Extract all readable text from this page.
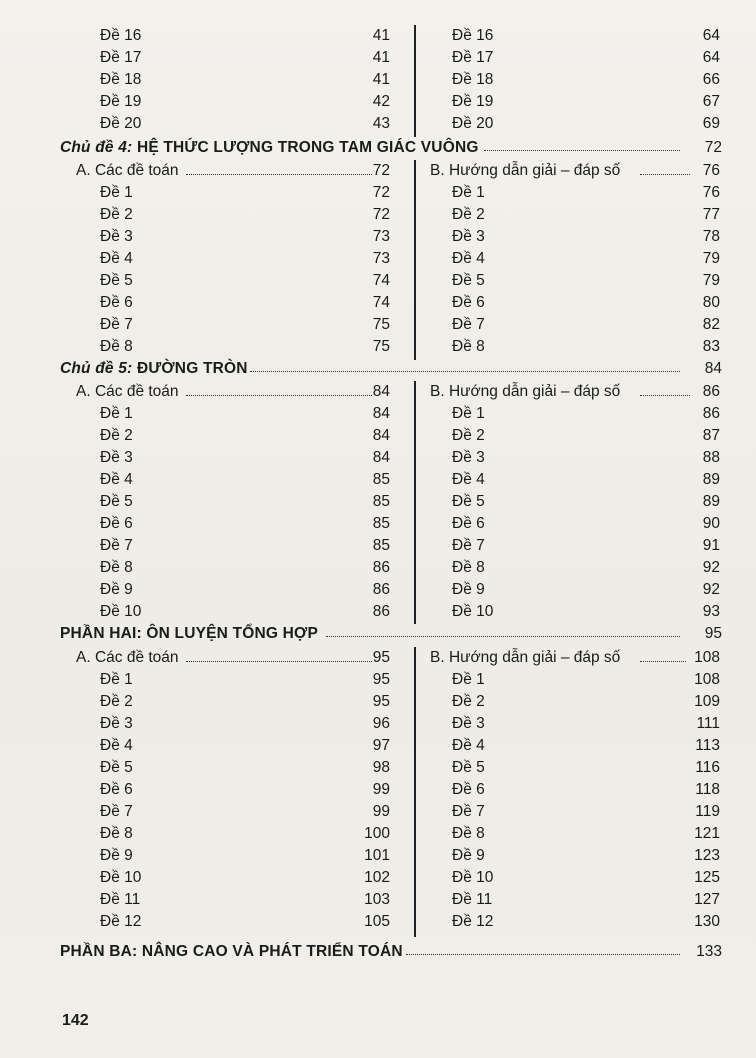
Đề 16	41
Đề 17	41
Đề 18	41
Đề 19	42
Đề 20	43
Đề 16	64
Đề 17	64
Đề 18	66
Đề 19	67
Đề 20	69
Chủ đề 4: HỆ THỨC LƯỢNG TRONG TAM GIÁC VUÔNG	72
A. Các đề toán	72
Đề 1	72
Đề 2	72
Đề 3	73
Đề 4	73
Đề 5	74
Đề 6	74
Đề 7	75
Đề 8	75
B. Hướng dẫn giải – đáp số	76
Đề 1	76
Đề 2	77
Đề 3	78
Đề 4	79
Đề 5	79
Đề 6	80
Đề 7	82
Đề 8	83
Chủ đề 5: ĐƯỜNG TRÒN	84
A. Các đề toán	84
Đề 1	84
Đề 2	84
Đề 3	84
Đề 4	85
Đề 5	85
Đề 6	85
Đề 7	85
Đề 8	86
Đề 9	86
Đề 10	86
B. Hướng dẫn giải – đáp số	86
Đề 1	86
Đề 2	87
Đề 3	88
Đề 4	89
Đề 5	89
Đề 6	90
Đề 7	91
Đề 8	92
Đề 9	92
Đề 10	93
PHẦN HAI: ÔN LUYỆN TỔNG HỢP	95
A. Các đề toán	95
Đề 1	95
Đề 2	95
Đề 3	96
Đề 4	97
Đề 5	98
Đề 6	99
Đề 7	99
Đề 8	100
Đề 9	101
Đề 10	102
Đề 11	103
Đề 12	105
B. Hướng dẫn giải – đáp số	108
Đề 1	108
Đề 2	109
Đề 3	111
Đề 4	113
Đề 5	116
Đề 6	118
Đề 7	119
Đề 8	121
Đề 9	123
Đề 10	125
Đề 11	127
Đề 12	130
PHẦN BA: NÂNG CAO VÀ PHÁT TRIỂN TOÁN	133
142
